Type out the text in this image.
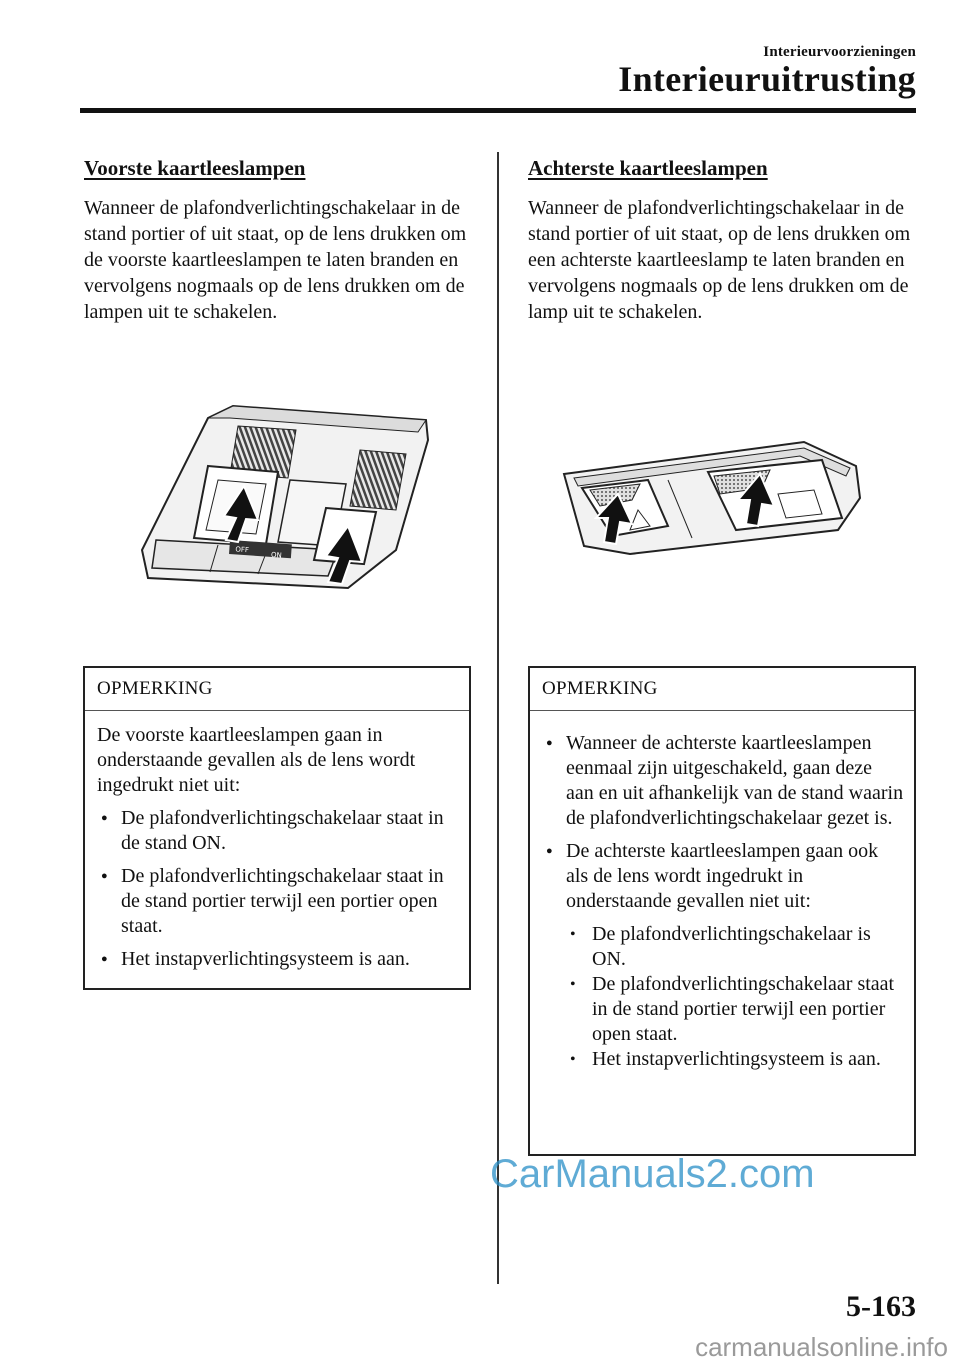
Interieurvoorzieningen
Interieuruitrusting
Voorste kaartleeslampen

Wanneer de plafondverlichtingschakelaar in de stand portier of uit staat, op de lens drukken om de voorste kaartleeslampen te laten branden en vervolgens nogmaals op de lens drukken om de lampen uit te schakelen.

OFF
ON
OPMERKING

De voorste kaartleeslampen gaan in onderstaande gevallen als de lens wordt ingedrukt niet uit:

● De plafondverlichtingschakelaar staat in de stand ON.
● De plafondverlichtingschakelaar staat in de stand portier terwijl een portier open staat.
● Het instapverlichtingsysteem is aan.
Achterste kaartleeslampen

Wanneer de plafondverlichtingschakelaar in de stand portier of uit staat, op de lens drukken om een achterste kaartleeslamp te laten branden en vervolgens nogmaals op de lens drukken om de lamp uit te schakelen.

OPMERKING
● Wanneer de achterste kaartleeslampen eenmaal zijn uitgeschakeld, gaan deze aan en uit afhankelijk van de stand waarin de plafondverlichtingschakelaar gezet is.
● De achterste kaartleeslampen gaan ook als de lens wordt ingedrukt in onderstaande gevallen niet uit:
• De plafondverlichtingschakelaar is ON.
• De plafondverlichtingschakelaar staat in de stand portier terwijl een portier open staat.
• Het instapverlichtingsysteem is aan.
CarManuals2.com
5-163
carmanualsonline.info
